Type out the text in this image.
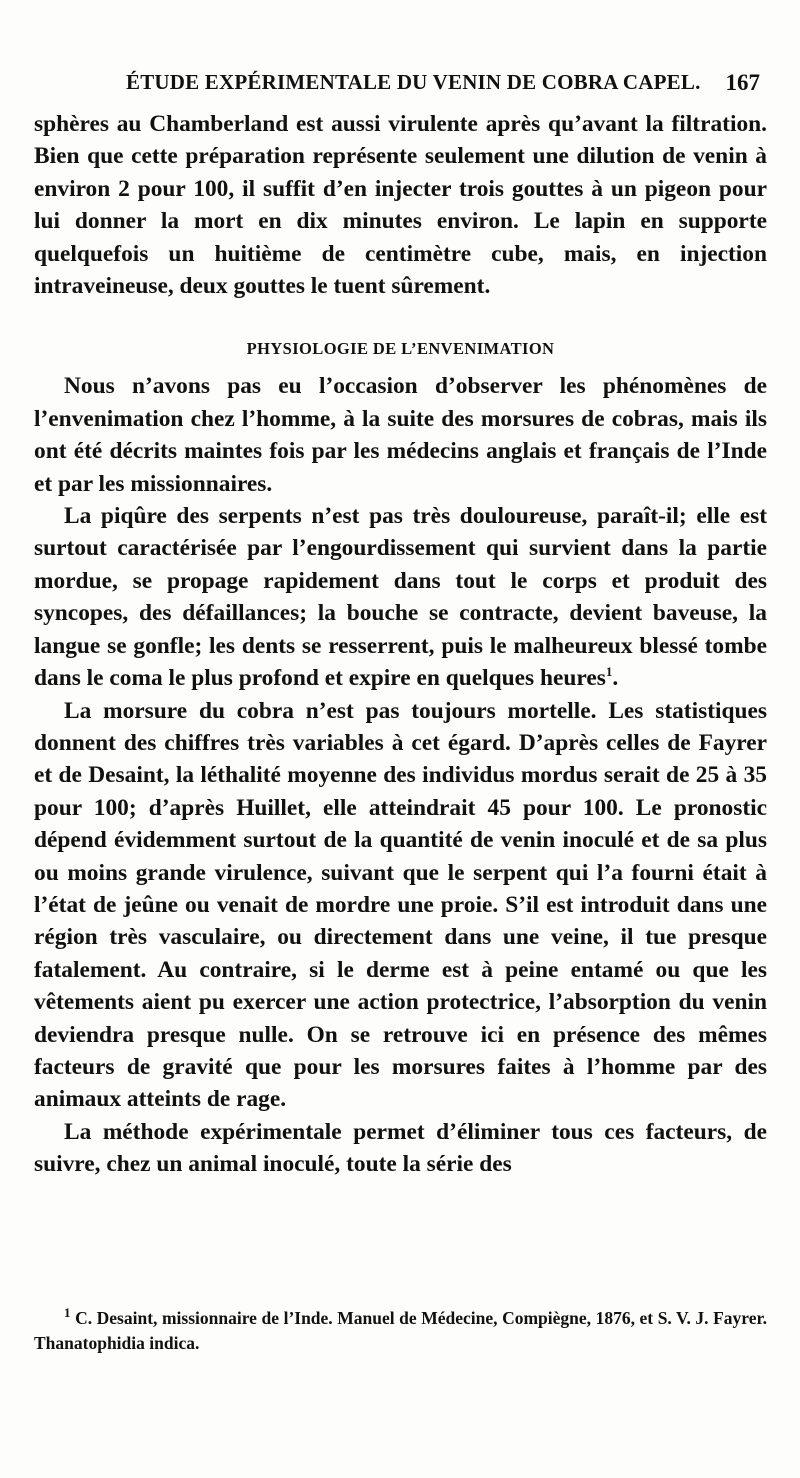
ÉTUDE EXPÉRIMENTALE DU VENIN DE COBRA CAPEL. 167

sphères au Chamberland est aussi virulente après qu’avant la filtration. Bien que cette préparation représente seulement une dilution de venin à environ 2 pour 100, il suffit d’en injecter trois gouttes à un pigeon pour lui donner la mort en dix minutes environ. Le lapin en supporte quelquefois un huitième de centimètre cube, mais, en injection intraveineuse, deux gouttes le tuent sûrement.

PHYSIOLOGIE DE L’ENVENIMATION

Nous n’avons pas eu l’occasion d’observer les phénomènes de l’envenimation chez l’homme, à la suite des morsures de cobras, mais ils ont été décrits maintes fois par les médecins anglais et français de l’Inde et par les missionnaires.

La piqûre des serpents n’est pas très douloureuse, paraît-il; elle est surtout caractérisée par l’engourdissement qui survient dans la partie mordue, se propage rapidement dans tout le corps et produit des syncopes, des défaillances; la bouche se contracte, devient baveuse, la langue se gonfle; les dents se resserrent, puis le malheureux blessé tombe dans le coma le plus profond et expire en quelques heures$^1$.

La morsure du cobra n’est pas toujours mortelle. Les statistiques donnent des chiffres très variables à cet égard. D’après celles de Fayrer et de Desaint, la léthalité moyenne des individus mordus serait de 25 à 35 pour 100; d’après Huillet, elle atteindrait 45 pour 100. Le pronostic dépend évidemment surtout de la quantité de venin inoculé et de sa plus ou moins grande virulence, suivant que le serpent qui l’a fourni était à l’état de jeûne ou venait de mordre une proie. S’il est introduit dans une région très vasculaire, ou directement dans une veine, il tue presque fatalement. Au contraire, si le derme est à peine entamé ou que les vêtements aient pu exercer une action protectrice, l’absorption du venin deviendra presque nulle. On se retrouve ici en présence des mêmes facteurs de gravité que pour les morsures faites à l’homme par des animaux atteints de rage.

La méthode expérimentale permet d’éliminer tous ces facteurs, de suivre, chez un animal inoculé, toute la série des

$^1$ C. Desaint, missionnaire de l’Inde. Manuel de Médecine, Compiègne, 1876, et S. V. J. Fayrer. Thanatophidia indica.
